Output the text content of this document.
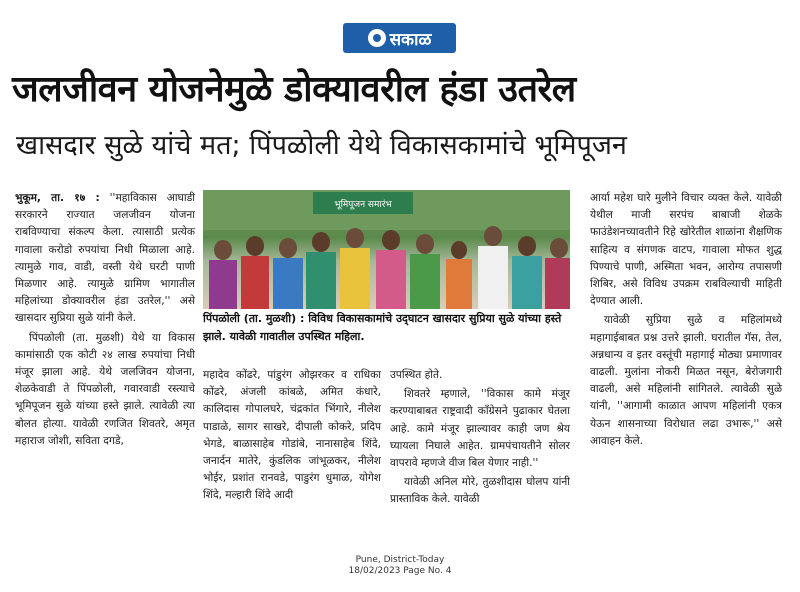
सकाळ
जलजीवन योजनेमुळे डोक्यावरील हंडा उतरेल
खासदार सुळे यांचे मत; पिंपळोली येथे विकासकामांचे भूमिपूजन

भुकूम, ता. १७ : ''महाविकास आघाडी सरकारने राज्यात जलजीवन योजना राबविण्याचा संकल्प केला. त्यासाठी प्रत्येक गावाला करोडो रुपयांचा निधी मिळाला आहे. त्यामुळे गाव, वाडी, वस्ती येथे घरटी पाणी मिळणार आहे. त्यामुळे ग्रामिण भागातील महिलांच्या डोक्यावरील हंडा उतरेल,'' असे खासदार सुप्रिया सुळे यांनी केले.

पिंपळोली (ता. मुळशी) येथे या विकास कामांसाठी एक कोटी २४ लाख रुपयांचा निधी मंजूर झाला आहे. येथे जलजिवन योजना, शेळकेवाडी ते पिंपळोली, गवारवाडी रस्त्याचे भूमिपूजन सुळे यांच्या हस्ते झाले. त्यावेळी त्या बोलत होत्या. यावेळी रणजित शिवतरे, अमृत महाराज जोशी, सविता दगडे,

भूमिपूजन समारंभ
पिंपळोली (ता. मुळशी) : विविध विकासकामांचे उद्‌घाटन खासदार सुप्रिया सुळे यांच्या हस्ते झाले. यावेळी गावातील उपस्थित महिला.

महादेव कोंढरे, पांडुरंग ओझरकर व राधिका कोंढरे, अंजली कांबळे, अमित कंधारे, कालिदास गोपालघरे, चंद्रकांत भिंगारे, नीलेश पाडाळे, सागर साखरे, दीपाली कोकरे, प्रदिप भेगडे, बाळासाहेब गोडांबे, नानासाहेब शिंदे, जनार्दन मातेरे, कुंडलिक जांभूळकर, नीलेश भोईर, प्रशांत रानवडे, पाडुरंग धुमाळ, योगेश शिंदे, मल्हारी शिंदे आदी

उपस्थित होते.

शिवतरे म्हणाले, ''विकास कामे मंजूर करण्याबाबत राष्ट्रवादी काँग्रेसने पुढाकार घेतला आहे. कामे मंजूर झाल्यावर काही जण श्रेय घ्यायला निघाले आहेत. ग्रामपंचायतीने सोलर वापरावे म्हणजे वीज बिल येणार नाही.''

यावेळी अनिल मोरे, तुळशीदास घोलप यांनी प्रास्ताविक केले. यावेळी

आर्या महेश घारे मुलीने विचार व्यक्त केले. यावेळी येथील माजी सरपंच बाबाजी शेळके फाउंडेशनच्यावतीने रिहे खोरेतील शाळांना शैक्षणिक साहित्य व संगणक वाटप, गावाला मोफत शुद्ध पिण्याचे पाणी, अस्मिता भवन, आरोग्य तपासणी शिबिर, असे विविध उपक्रम राबविल्याची माहिती देण्यात आली.

यावेळी सुप्रिया सुळे व महिलांमध्ये महागाईबाबत प्रश्न उत्तरे झाली. घरातील गॅस, तेल, अन्नधान्य व इतर वस्तूंची महागाई मोठ्या प्रमाणावर वाढली. मुलांना नोकरी मिळत नसून, बेरोजगारी वाढली, असे महिलांनी सांगितले. त्यावेळी सुळे यांनी, ''आगामी काळात आपण महिलांनी एकत्र येऊन शासनाच्या विरोधात लढा उभारू,'' असे आवाहन केले.

Pune, District-Today
18/02/2023 Page No. 4
